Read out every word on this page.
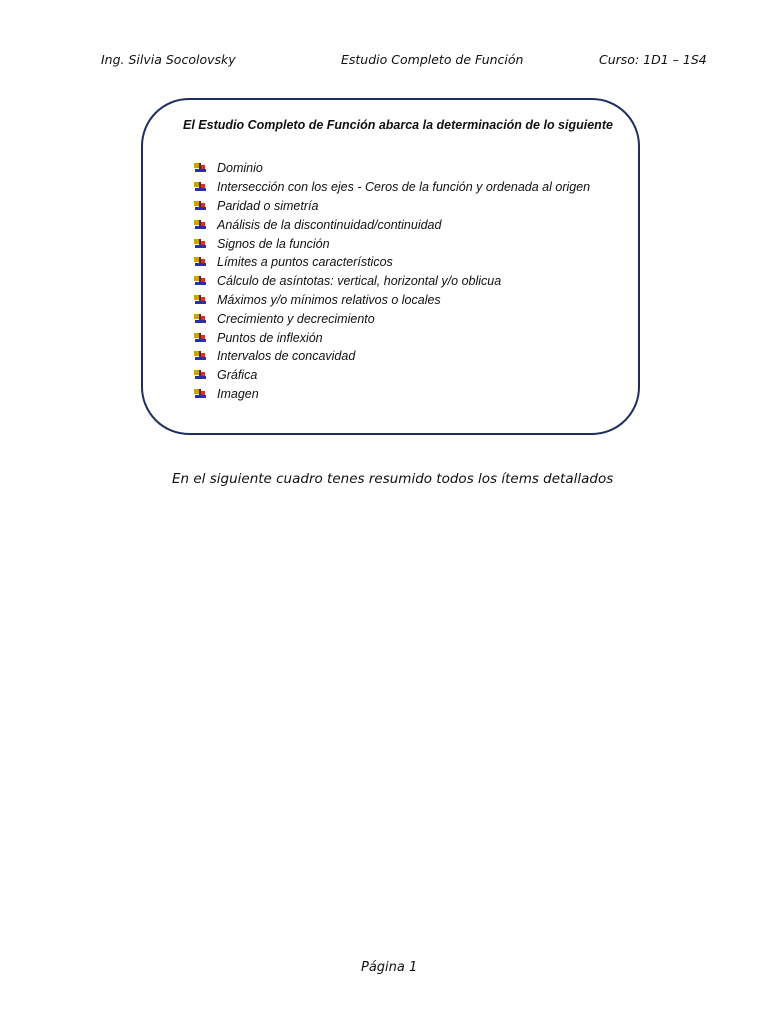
Ing. Silvia Socolovsky	Estudio Completo de Función	Curso: 1D1 – 1S4
El Estudio Completo de Función abarca la determinación de lo siguiente
Dominio
Intersección con los ejes - Ceros de la función y ordenada al origen
Paridad o simetría
Análisis de la discontinuidad/continuidad
Signos de la función
Límites a puntos característicos
Cálculo de asíntotas: vertical, horizontal y/o oblicua
Máximos y/o mínimos relativos o locales
Crecimiento y decrecimiento
Puntos de inflexión
Intervalos de concavidad
Gráfica
Imagen
En el siguiente cuadro tenes resumido todos los ítems detallados
Página 1
